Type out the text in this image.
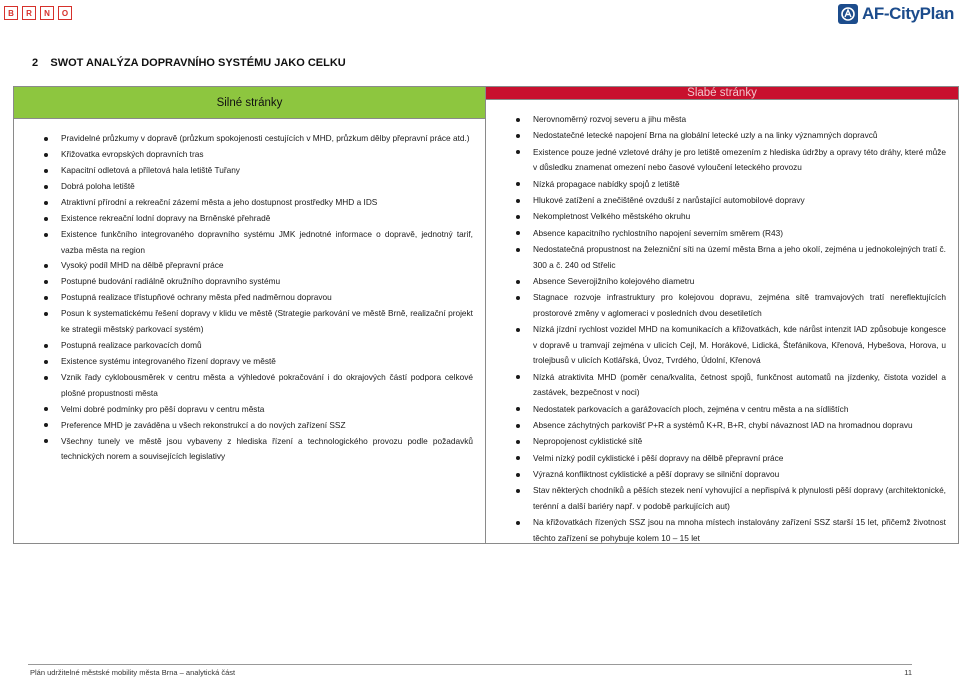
B	R	N	O	AF-CityPlan
2 SWOT ANALÝZA DOPRAVNÍHO SYSTÉMU JAKO CELKU
Silné stránky
Pravidelné průzkumy v dopravě (průzkum spokojenosti cestujících v MHD, průzkum dělby přepravní práce atd.)
Křižovatka evropských dopravních tras
Kapacitní odletová a příletová hala letiště Tuřany
Dobrá poloha letiště
Atraktivní přírodní a rekreační zázemí města a jeho dostupnost prostředky MHD a IDS
Existence rekreační lodní dopravy na Brněnské přehradě
Existence funkčního integrovaného dopravního systému JMK jednotné informace o dopravě, jednotný tarif, vazba města na region
Vysoký podíl MHD na dělbě přepravní práce
Postupné budování radiálně okružního dopravního systému
Postupná realizace třístupňové ochrany města před nadměrnou dopravou
Posun k systematickému řešení dopravy v klidu ve městě (Strategie parkování ve městě Brně, realizační projekt ke strategii městský parkovací systém)
Postupná realizace parkovacích domů
Existence systému integrovaného řízení dopravy ve městě
Vznik řady cyklobousměrek v centru města a výhledové pokračování i do okrajových částí podpora celkové plošné propustnosti města
Velmi dobré podmínky pro pěší dopravu v centru města
Preference MHD je zaváděna u všech rekonstrukcí a do nových zařízení SSZ
Všechny tunely ve městě jsou vybaveny z hlediska řízení a technologického provozu podle požadavků technických norem a souvisejících legislativy
Slabé stránky
Nerovnoměrný rozvoj severu a jihu města
Nedostatečné letecké napojení Brna na globální letecké uzly a na linky významných dopravců
Existence pouze jedné vzletové dráhy je pro letiště omezením z hlediska údržby a opravy této dráhy, které může v důsledku znamenat omezení nebo časové vyloučení leteckého provozu
Nízká propagace nabídky spojů z letiště
Hlukové zatížení a znečištěné ovzduší z narůstající automobilové dopravy
Nekompletnost Velkého městského okruhu
Absence kapacitního rychlostního napojení severním směrem (R43)
Nedostatečná propustnost na železniční síti na území města Brna a jeho okolí, zejména u jednokolejných tratí č. 300 a č. 240 od Střelic
Absence Severojižního kolejového diametru
Stagnace rozvoje infrastruktury pro kolejovou dopravu, zejména sítě tramvajových tratí nereflektujících prostorové změny v aglomeraci v posledních dvou desetiletích
Nízká jízdní rychlost vozidel MHD na komunikacích a křižovatkách, kde nárůst intenzit IAD způsobuje kongesce v dopravě u tramvají zejména v ulicích Cejl, M. Horákové, Lidická, Štefánikova, Křenová, Hybešova, Horova, u trolejbusů v ulicích Kotlářská, Úvoz, Tvrdého, Údolní, Křenová
Nízká atraktivita MHD (poměr cena/kvalita, četnost spojů, funkčnost automatů na jízdenky, čistota vozidel a zastávek, bezpečnost v noci)
Nedostatek parkovacích a garážovacích ploch, zejména v centru města a na sídlištích
Absence záchytných parkovišť P+R a systémů K+R, B+R, chybí návaznost IAD na hromadnou dopravu
Nepropojenost cyklistické sítě
Velmi nízký podíl cyklistické i pěší dopravy na dělbě přepravní práce
Výrazná konfliktnost cyklistické a pěší dopravy se silniční dopravou
Stav některých chodníků a pěších stezek není vyhovující a nepřispívá k plynulosti pěší dopravy (architektonické, terénní a další bariéry např. v podobě parkujících aut)
Na křižovatkách řízených SSZ jsou na mnoha místech instalovány zařízení SSZ starší 15 let, přičemž životnost těchto zařízení se pohybuje kolem 10 – 15 let
Plán udržitelné městské mobility města Brna – analytická část	11
